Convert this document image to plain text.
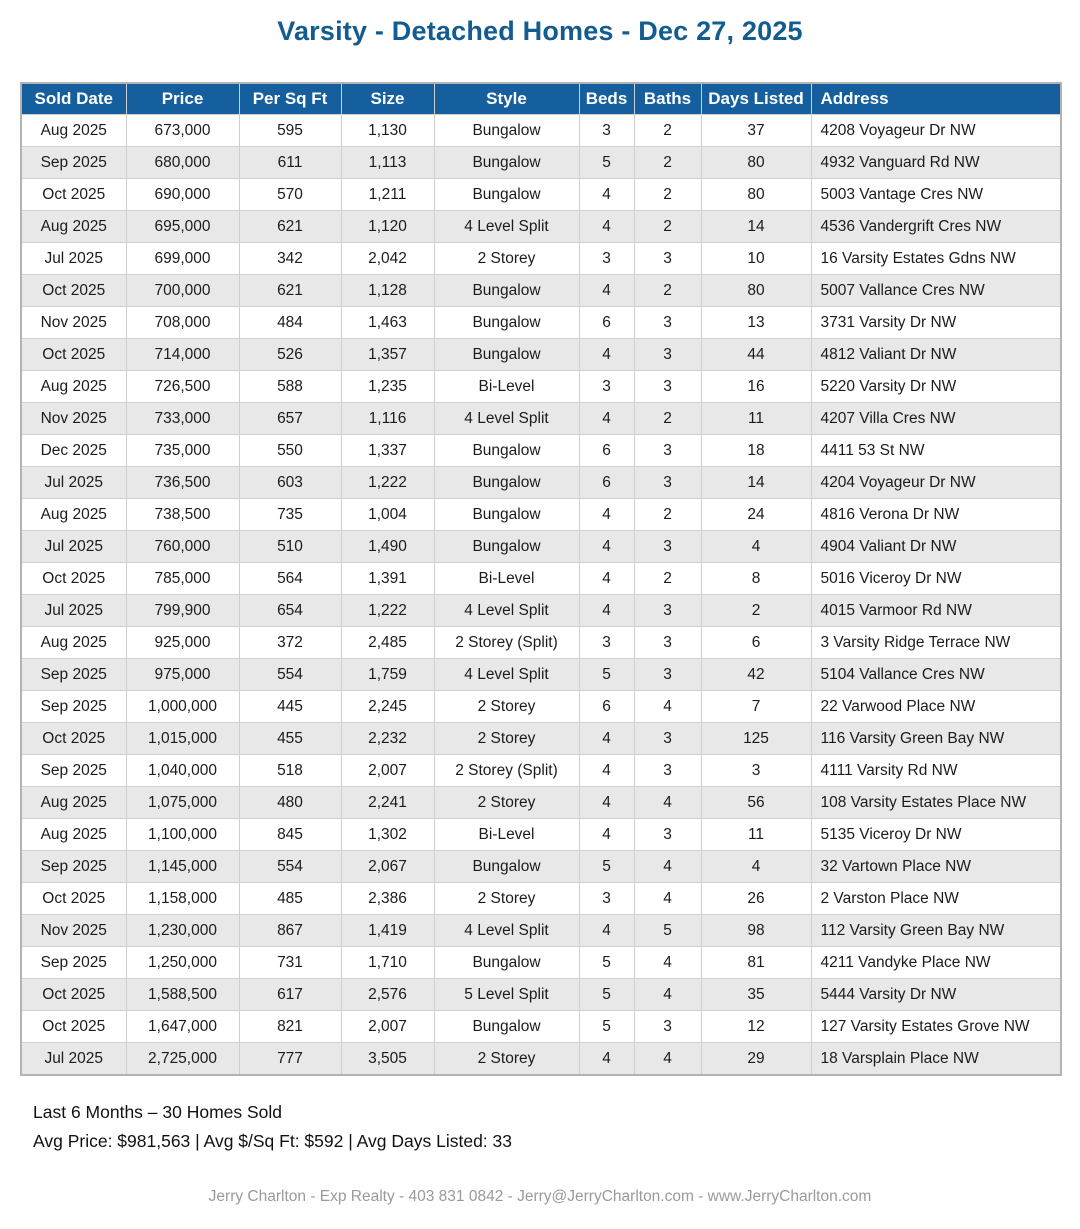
Varsity - Detached Homes - Dec 27, 2025
Sold Date	Price	Per Sq Ft	Size	Style	Beds	Baths	Days Listed	Address
Aug 2025	673,000	595	1,130	Bungalow	3	2	37	4208 Voyageur Dr NW
Sep 2025	680,000	611	1,113	Bungalow	5	2	80	4932 Vanguard Rd NW
Oct 2025	690,000	570	1,211	Bungalow	4	2	80	5003 Vantage Cres NW
Aug 2025	695,000	621	1,120	4 Level Split	4	2	14	4536 Vandergrift Cres NW
Jul 2025	699,000	342	2,042	2 Storey	3	3	10	16 Varsity Estates Gdns NW
Oct 2025	700,000	621	1,128	Bungalow	4	2	80	5007 Vallance Cres NW
Nov 2025	708,000	484	1,463	Bungalow	6	3	13	3731 Varsity Dr NW
Oct 2025	714,000	526	1,357	Bungalow	4	3	44	4812 Valiant Dr NW
Aug 2025	726,500	588	1,235	Bi-Level	3	3	16	5220 Varsity Dr NW
Nov 2025	733,000	657	1,116	4 Level Split	4	2	11	4207 Villa Cres NW
Dec 2025	735,000	550	1,337	Bungalow	6	3	18	4411 53 St NW
Jul 2025	736,500	603	1,222	Bungalow	6	3	14	4204 Voyageur Dr NW
Aug 2025	738,500	735	1,004	Bungalow	4	2	24	4816 Verona Dr NW
Jul 2025	760,000	510	1,490	Bungalow	4	3	4	4904 Valiant Dr NW
Oct 2025	785,000	564	1,391	Bi-Level	4	2	8	5016 Viceroy Dr NW
Jul 2025	799,900	654	1,222	4 Level Split	4	3	2	4015 Varmoor Rd NW
Aug 2025	925,000	372	2,485	2 Storey (Split)	3	3	6	3 Varsity Ridge Terrace NW
Sep 2025	975,000	554	1,759	4 Level Split	5	3	42	5104 Vallance Cres NW
Sep 2025	1,000,000	445	2,245	2 Storey	6	4	7	22 Varwood Place NW
Oct 2025	1,015,000	455	2,232	2 Storey	4	3	125	116 Varsity Green Bay NW
Sep 2025	1,040,000	518	2,007	2 Storey (Split)	4	3	3	4111 Varsity Rd NW
Aug 2025	1,075,000	480	2,241	2 Storey	4	4	56	108 Varsity Estates Place NW
Aug 2025	1,100,000	845	1,302	Bi-Level	4	3	11	5135 Viceroy Dr NW
Sep 2025	1,145,000	554	2,067	Bungalow	5	4	4	32 Vartown Place NW
Oct 2025	1,158,000	485	2,386	2 Storey	3	4	26	2 Varston Place NW
Nov 2025	1,230,000	867	1,419	4 Level Split	4	5	98	112 Varsity Green Bay NW
Sep 2025	1,250,000	731	1,710	Bungalow	5	4	81	4211 Vandyke Place NW
Oct 2025	1,588,500	617	2,576	5 Level Split	5	4	35	5444 Varsity Dr NW
Oct 2025	1,647,000	821	2,007	Bungalow	5	3	12	127 Varsity Estates Grove NW
Jul 2025	2,725,000	777	3,505	2 Storey	4	4	29	18 Varsplain Place NW
Last 6 Months – 30 Homes Sold
Avg Price: $981,563 | Avg $/Sq Ft: $592 | Avg Days Listed: 33
Jerry Charlton - Exp Realty - 403 831 0842 - Jerry@JerryCharlton.com - www.JerryCharlton.com
